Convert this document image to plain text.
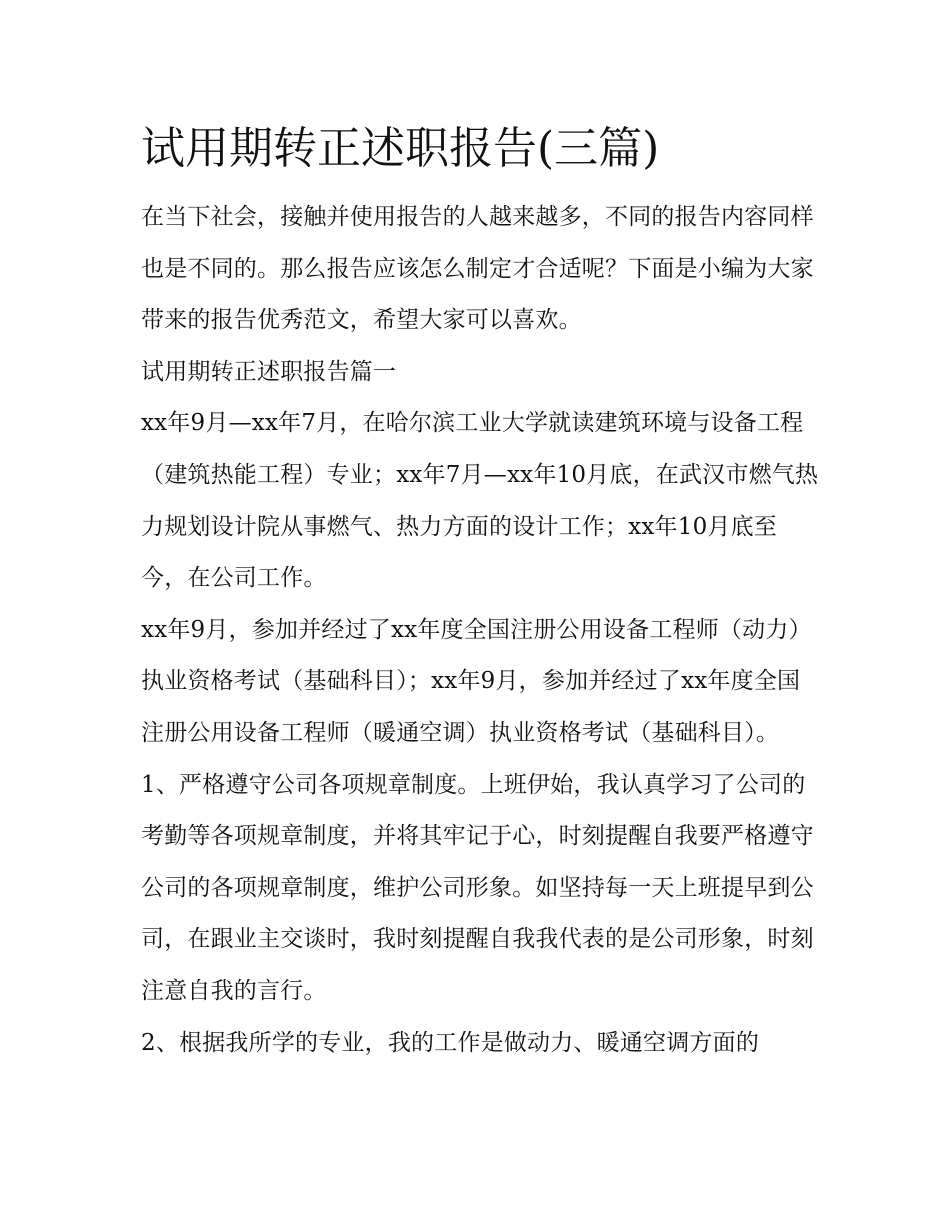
试用期转正述职报告(三篇)

在当下社会，接触并使用报告的人越来越多，不同的报告内容同样也是不同的。那么报告应该怎么制定才合适呢？下面是小编为大家带来的报告优秀范文，希望大家可以喜欢。

试用期转正述职报告篇一

xx年9月—xx年7月，在哈尔滨工业大学就读建筑环境与设备工程（建筑热能工程）专业；xx年7月—xx年10月底，在武汉市燃气热力规划设计院从事燃气、热力方面的设计工作；xx年10月底至今，在公司工作。

xx年9月，参加并经过了xx年度全国注册公用设备工程师（动力）执业资格考试（基础科目）；xx年9月，参加并经过了xx年度全国注册公用设备工程师（暖通空调）执业资格考试（基础科目）。

1、严格遵守公司各项规章制度。上班伊始，我认真学习了公司的考勤等各项规章制度，并将其牢记于心，时刻提醒自我要严格遵守公司的各项规章制度，维护公司形象。如坚持每一天上班提早到公司，在跟业主交谈时，我时刻提醒自我我代表的是公司形象，时刻注意自我的言行。

2、根据我所学的专业，我的工作是做动力、暖通空调方面的
